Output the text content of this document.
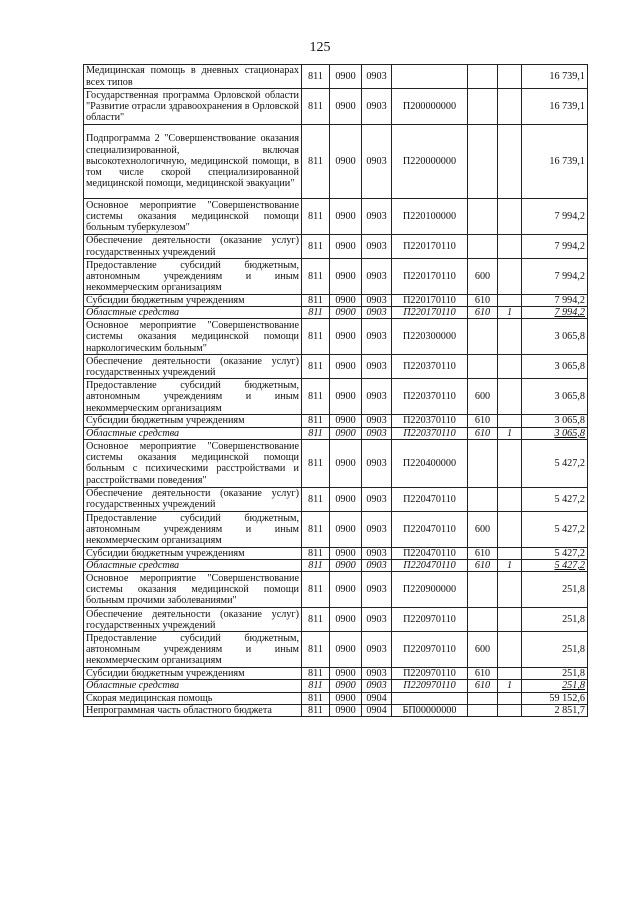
125
Медицинская помощь в дневных стационарах всех типов	811	0900	0903				16 739,1
Государственная программа Орловской области "Развитие отрасли здравоохранения в Орловской области"	811	0900	0903	П200000000			16 739,1
Подпрограмма 2 "Совершенствование оказания специализированной, включая высокотехнологичную, медицинской помощи, в том числе скорой специализированной медицинской помощи, медицинской эвакуации"	811	0900	0903	П220000000			16 739,1
Основное мероприятие "Совершенствование системы оказания медицинской помощи больным туберкулезом"	811	0900	0903	П220100000			7 994,2
Обеспечение деятельности (оказание услуг) государственных учреждений	811	0900	0903	П220170110			7 994,2
Предоставление субсидий бюджетным, автономным учреждениям и иным некоммерческим организациям	811	0900	0903	П220170110	600		7 994,2
Субсидии бюджетным учреждениям	811	0900	0903	П220170110	610		7 994,2
Областные средства	811	0900	0903	П220170110	610	1	7 994,2
Основное мероприятие "Совершенствование системы оказания медицинской помощи наркологическим больным"	811	0900	0903	П220300000			3 065,8
Обеспечение деятельности (оказание услуг) государственных учреждений	811	0900	0903	П220370110			3 065,8
Предоставление субсидий бюджетным, автономным учреждениям и иным некоммерческим организациям	811	0900	0903	П220370110	600		3 065,8
Субсидии бюджетным учреждениям	811	0900	0903	П220370110	610		3 065,8
Областные средства	811	0900	0903	П220370110	610	1	3 065,8
Основное мероприятие "Совершенствование системы оказания медицинской помощи больным с психическими расстройствами и расстройствами поведения"	811	0900	0903	П220400000			5 427,2
Обеспечение деятельности (оказание услуг) государственных учреждений	811	0900	0903	П220470110			5 427,2
Предоставление субсидий бюджетным, автономным учреждениям и иным некоммерческим организациям	811	0900	0903	П220470110	600		5 427,2
Субсидии бюджетным учреждениям	811	0900	0903	П220470110	610		5 427,2
Областные средства	811	0900	0903	П220470110	610	1	5 427,2
Основное мероприятие "Совершенствование системы оказания медицинской помощи больным прочими заболеваниями"	811	0900	0903	П220900000			251,8
Обеспечение деятельности (оказание услуг) государственных учреждений	811	0900	0903	П220970110			251,8
Предоставление субсидий бюджетным, автономным учреждениям и иным некоммерческим организациям	811	0900	0903	П220970110	600		251,8
Субсидии бюджетным учреждениям	811	0900	0903	П220970110	610		251,8
Областные средства	811	0900	0903	П220970110	610	1	251,8
Скорая медицинская помощь	811	0900	0904				59 152,6
Непрограммная часть областного бюджета	811	0900	0904	БП00000000			2 851,7
